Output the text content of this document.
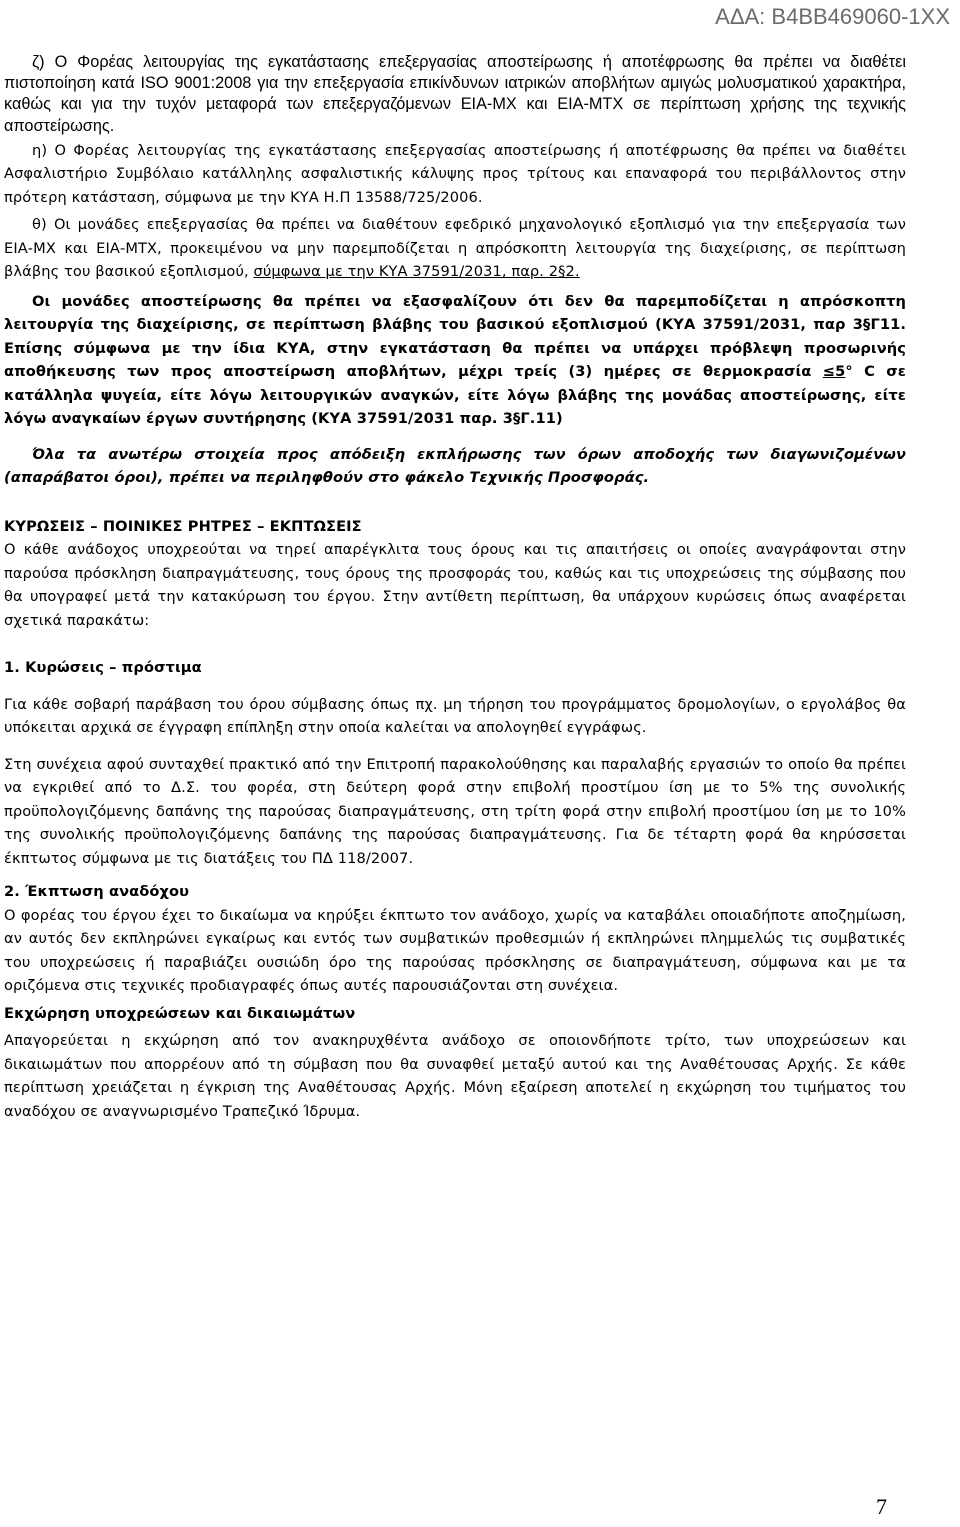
ΑΔΑ: Β4ΒΒ469060-1ΧΧ

ζ) Ο Φορέας λειτουργίας της εγκατάστασης επεξεργασίας αποστείρωσης ή αποτέφρωσης θα πρέπει να διαθέτει πιστοποίηση κατά ISO 9001:2008 για την επεξεργασία επικίνδυνων ιατρικών αποβλήτων αμιγώς μολυσματικού χαρακτήρα, καθώς και για την τυχόν μεταφορά των επεξεργαζόμενων ΕΙΑ-ΜΧ και ΕΙΑ-ΜΤΧ σε περίπτωση χρήσης της τεχνικής αποστείρωσης.

η) Ο Φορέας λειτουργίας της εγκατάστασης επεξεργασίας αποστείρωσης ή αποτέφρωσης θα πρέπει να διαθέτει Ασφαλιστήριο Συμβόλαιο κατάλληλης ασφαλιστικής κάλυψης προς τρίτους και επαναφορά του περιβάλλοντος στην πρότερη κατάσταση, σύμφωνα με την ΚΥΑ Η.Π 13588/725/2006.

θ) Οι μονάδες επεξεργασίας θα πρέπει να διαθέτουν εφεδρικό μηχανολογικό εξοπλισμό για την επεξεργασία των ΕΙΑ-ΜΧ και ΕΙΑ-ΜΤΧ, προκειμένου να μην παρεμποδίζεται η απρόσκοπτη λειτουργία της διαχείρισης, σε περίπτωση βλάβης του βασικού εξοπλισμού, σύμφωνα με την ΚΥΑ 37591/2031, παρ. 2§2.

Οι μονάδες αποστείρωσης θα πρέπει να εξασφαλίζουν ότι δεν θα παρεμποδίζεται η απρόσκοπτη λειτουργία της διαχείρισης, σε περίπτωση βλάβης του βασικού εξοπλισμού (ΚΥΑ 37591/2031, παρ 3§Γ11. Επίσης σύμφωνα με την ίδια ΚΥΑ, στην εγκατάσταση θα πρέπει να υπάρχει πρόβλεψη προσωρινής αποθήκευσης των προς αποστείρωση αποβλήτων, μέχρι τρείς (3) ημέρες σε θερμοκρασία ≤5° C σε κατάλληλα ψυγεία, είτε λόγω λειτουργικών αναγκών, είτε λόγω βλάβης της μονάδας αποστείρωσης, είτε λόγω αναγκαίων έργων συντήρησης (ΚΥΑ 37591/2031 παρ. 3§Γ.11)

Όλα τα ανωτέρω στοιχεία προς απόδειξη εκπλήρωσης των όρων αποδοχής των διαγωνιζομένων (απαράβατοι όροι), πρέπει να περιληφθούν στο φάκελο Τεχνικής Προσφοράς.

ΚΥΡΩΣΕΙΣ – ΠΟΙΝΙΚΕΣ ΡΗΤΡΕΣ – ΕΚΠΤΩΣΕΙΣ

Ο κάθε ανάδοχος υποχρεούται να τηρεί απαρέγκλιτα τους όρους και τις απαιτήσεις οι οποίες αναγράφονται στην παρούσα πρόσκληση διαπραγμάτευσης, τους όρους της προσφοράς του, καθώς και τις υποχρεώσεις της σύμβασης που θα υπογραφεί μετά την κατακύρωση του έργου. Στην αντίθετη περίπτωση, θα υπάρχουν κυρώσεις όπως αναφέρεται σχετικά παρακάτω:

1. Κυρώσεις – πρόστιμα

Για κάθε σοβαρή παράβαση του όρου σύμβασης όπως πχ. μη τήρηση του προγράμματος δρομολογίων, ο εργολάβος θα υπόκειται αρχικά σε έγγραφη επίπληξη στην οποία καλείται να απολογηθεί εγγράφως.

Στη συνέχεια αφού συνταχθεί πρακτικό από την Επιτροπή παρακολούθησης και παραλαβής εργασιών το οποίο θα πρέπει να εγκριθεί από το Δ.Σ. του φορέα, στη δεύτερη φορά στην επιβολή προστίμου ίση με το 5% της συνολικής προϋπολογιζόμενης δαπάνης της παρούσας διαπραγμάτευσης, στη τρίτη φορά στην επιβολή προστίμου ίση με το 10% της συνολικής προϋπολογιζόμενης δαπάνης της παρούσας διαπραγμάτευσης. Για δε τέταρτη φορά θα κηρύσσεται έκπτωτος σύμφωνα με τις διατάξεις του ΠΔ 118/2007.

2. Έκπτωση αναδόχου

Ο φορέας του έργου έχει το δικαίωμα να κηρύξει έκπτωτο τον ανάδοχο, χωρίς να καταβάλει οποιαδήποτε αποζημίωση, αν αυτός δεν εκπληρώνει εγκαίρως και εντός των συμβατικών προθεσμιών ή εκπληρώνει πλημμελώς τις συμβατικές του υποχρεώσεις ή παραβιάζει ουσιώδη όρο της παρούσας πρόσκλησης σε διαπραγμάτευση, σύμφωνα και με τα οριζόμενα στις τεχνικές προδιαγραφές όπως αυτές παρουσιάζονται στη συνέχεια.

Εκχώρηση υποχρεώσεων και δικαιωμάτων

Απαγορεύεται η εκχώρηση από τον ανακηρυχθέντα ανάδοχο σε οποιονδήποτε τρίτο, των υποχρεώσεων και δικαιωμάτων που απορρέουν από τη σύμβαση που θα συναφθεί μεταξύ αυτού και της Αναθέτουσας Αρχής. Σε κάθε περίπτωση χρειάζεται η έγκριση της Αναθέτουσας Αρχής. Μόνη εξαίρεση αποτελεί η εκχώρηση του τιμήματος του αναδόχου σε αναγνωρισμένο Τραπεζικό Ίδρυμα.

7
